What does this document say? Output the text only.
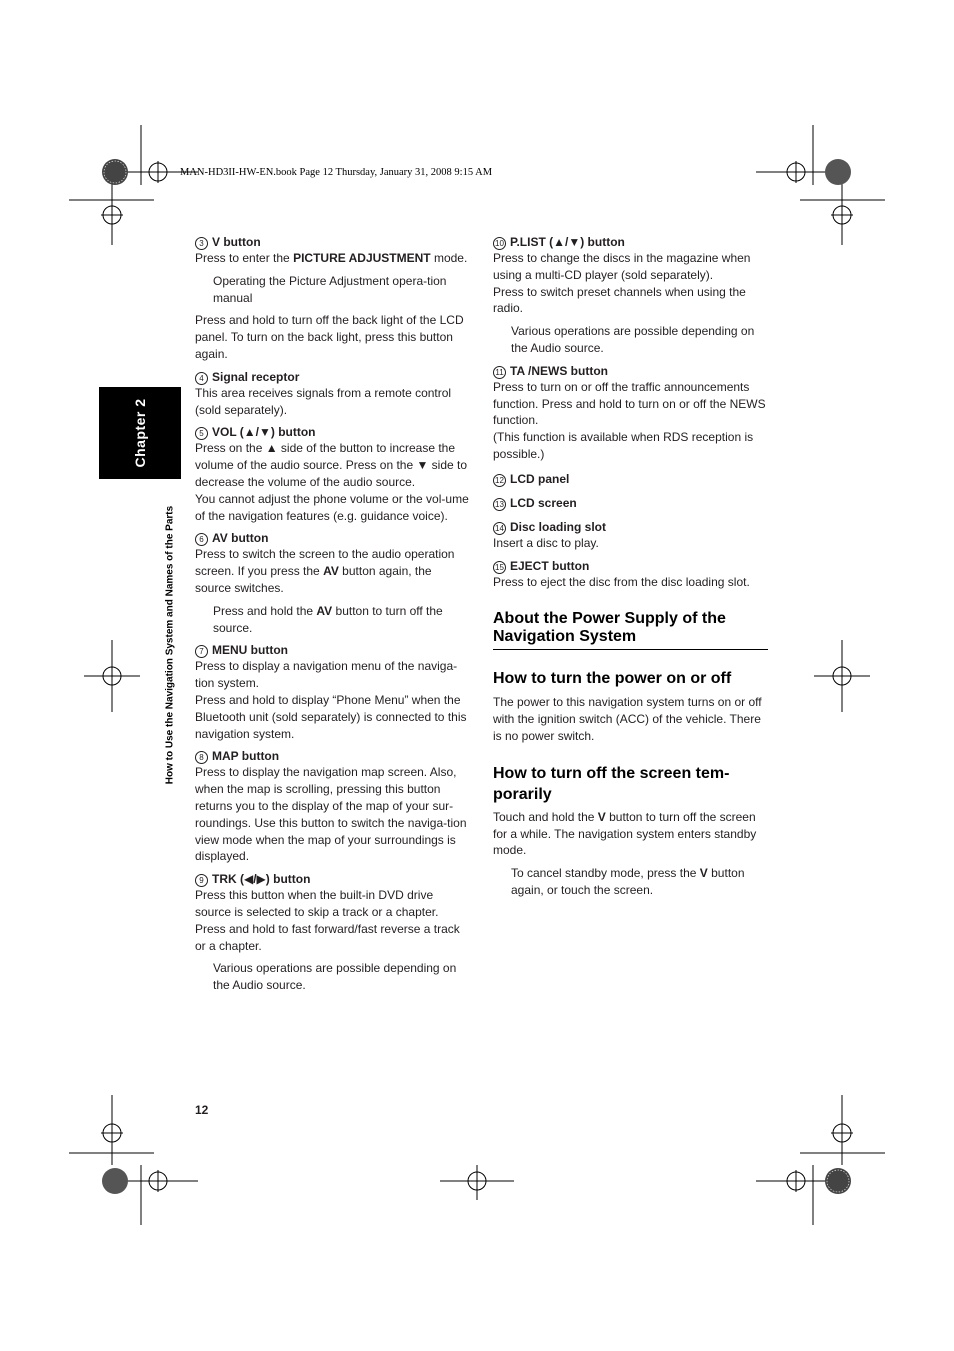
MAN-HD3II-HW-EN.book Page 12 Thursday, January 31, 2008 9:15 AM
Chapter 2
How to Use the Navigation System and Names of the Parts
3 V button

Press to enter the PICTURE ADJUSTMENT mode.

Operating the Picture Adjustment opera-tion manual

Press and hold to turn off the back light of the LCD panel. To turn on the back light, press this button again.

4 Signal receptor

This area receives signals from a remote control (sold separately).

5 VOL (▲/▼) button

Press on the ▲ side of the button to increase the volume of the audio source. Press on the ▼ side to decrease the volume of the audio source.

You cannot adjust the phone volume or the vol-ume of the navigation features (e.g. guidance voice).

6 AV button

Press to switch the screen to the audio operation screen. If you press the AV button again, the source switches.

Press and hold the AV button to turn off the source.

7 MENU button

Press to display a navigation menu of the naviga-tion system.

Press and hold to display “Phone Menu” when the Bluetooth unit (sold separately) is connected to this navigation system.

8 MAP button

Press to display the navigation map screen. Also, when the map is scrolling, pressing this button returns you to the display of the map of your sur-roundings. Use this button to switch the naviga-tion view mode when the map of your surroundings is displayed.

9 TRK (◀/▶) button

Press this button when the built-in DVD drive source is selected to skip a track or a chapter. Press and hold to fast forward/fast reverse a track or a chapter.

Various operations are possible depending on the Audio source.

10 P.LIST (▲/▼) button

Press to change the discs in the magazine when using a multi-CD player (sold separately).

Press to switch preset channels when using the radio.

Various operations are possible depending on the Audio source.

11 TA /NEWS button

Press to turn on or off the traffic announcements function. Press and hold to turn on or off the NEWS function.

(This function is available when RDS reception is possible.)

12 LCD panel
13 LCD screen
14 Disc loading slot

Insert a disc to play.

15 EJECT button

Press to eject the disc from the disc loading slot.

About the Power Supply of the Navigation System
How to turn the power on or off

The power to this navigation system turns on or off with the ignition switch (ACC) of the vehicle. There is no power switch.

How to turn off the screen tem-porarily

Touch and hold the V button to turn off the screen for a while. The navigation system enters standby mode.

To cancel standby mode, press the V button again, or touch the screen.

12
